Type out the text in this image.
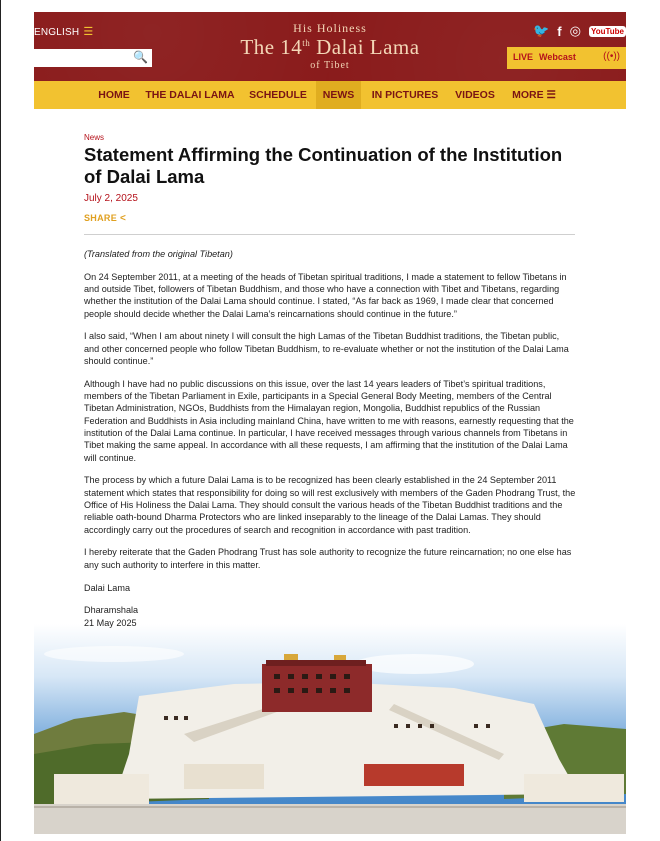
ENGLISH ☰
🔍
His Holiness
The 14th Dalai Lama
of Tibet
🐦 f ◎ YouTube
LIVE Webcast	((•))
HOME	THE DALAI LAMA	SCHEDULE	NEWS	IN PICTURES	VIDEOS	MORE ☰
News
Statement Affirming the Continuation of the Institution of Dalai Lama
July 2, 2025
SHARE <

(Translated from the original Tibetan)

On 24 September 2011, at a meeting of the heads of Tibetan spiritual traditions, I made a statement to fellow Tibetans in and outside Tibet, followers of Tibetan Buddhism, and those who have a connection with Tibet and Tibetans, regarding whether the institution of the Dalai Lama should continue. I stated, “As far back as 1969, I made clear that concerned people should decide whether the Dalai Lama’s reincarnations should continue in the future.”

I also said, “When I am about ninety I will consult the high Lamas of the Tibetan Buddhist traditions, the Tibetan public, and other concerned people who follow Tibetan Buddhism, to re-evaluate whether or not the institution of the Dalai Lama should continue.”

Although I have had no public discussions on this issue, over the last 14 years leaders of Tibet’s spiritual traditions, members of the Tibetan Parliament in Exile, participants in a Special General Body Meeting, members of the Central Tibetan Administration, NGOs, Buddhists from the Himalayan region, Mongolia, Buddhist republics of the Russian Federation and Buddhists in Asia including mainland China, have written to me with reasons, earnestly requesting that the institution of the Dalai Lama continue. In particular, I have received messages through various channels from Tibetans in Tibet making the same appeal. In accordance with all these requests, I am affirming that the institution of the Dalai Lama will continue.

The process by which a future Dalai Lama is to be recognized has been clearly established in the 24 September 2011 statement which states that responsibility for doing so will rest exclusively with members of the Gaden Phodrang Trust, the Office of His Holiness the Dalai Lama. They should consult the various heads of the Tibetan Buddhist traditions and the reliable oath-bound Dharma Protectors who are linked inseparably to the lineage of the Dalai Lamas. They should accordingly carry out the procedures of search and recognition in accordance with past tradition.

I hereby reiterate that the Gaden Phodrang Trust has sole authority to recognize the future reincarnation; no one else has any such authority to interfere in this matter.

Dalai Lama

Dharamshala

21 May 2025
